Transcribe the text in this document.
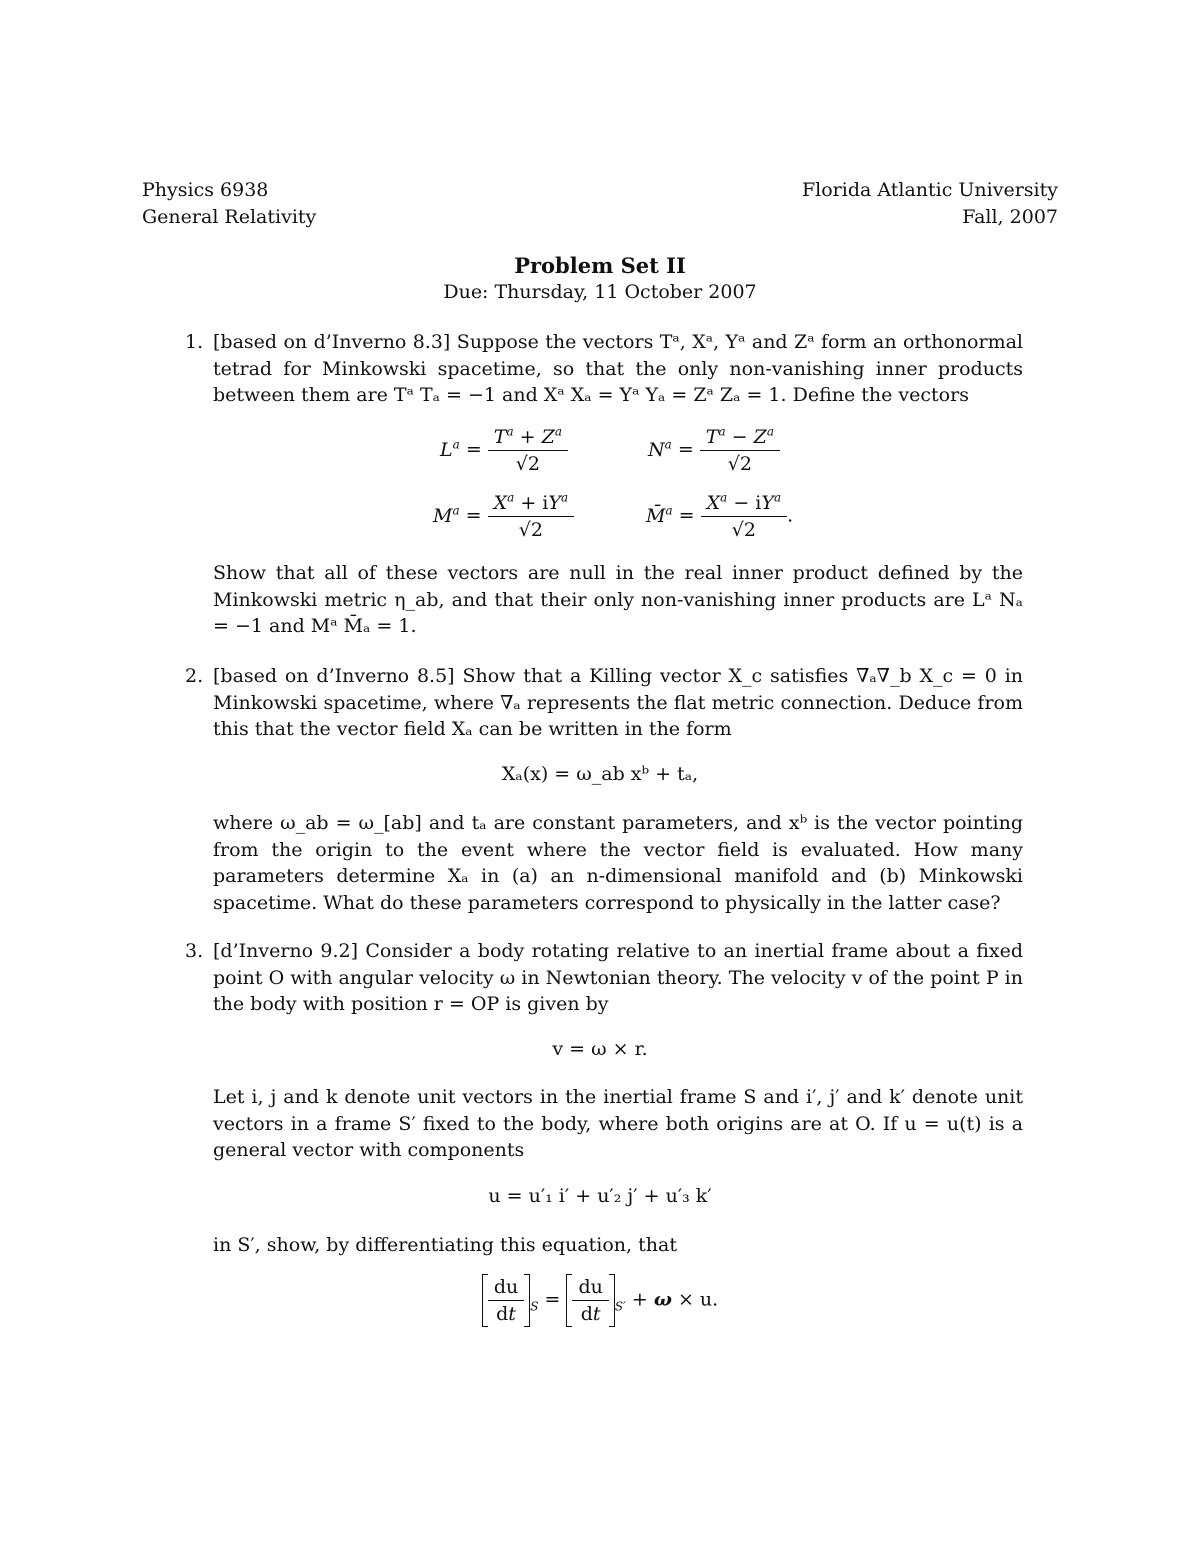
Physics 6938
General Relativity
Florida Atlantic University
Fall, 2007
Problem Set II
Due: Thursday, 11 October 2007
1. [based on d’Inverno 8.3] Suppose the vectors Tᵃ, Xᵃ, Yᵃ and Zᵃ form an orthonormal tetrad for Minkowski spacetime, so that the only non-vanishing inner products between them are Tᵃ Tₐ = −1 and Xᵃ Xₐ = Yᵃ Yₐ = Zᵃ Zₐ = 1. Define the vectors
$L^a = \frac{T^a + Z^a}{√2}$	$N^a = \frac{T^a - Z^a}{√2}$
$M^a = \frac{X^a + iY^a}{√2}$	M̄$^a$ = $\frac{X^a - iY^a}{√2}$ .
Show that all of these vectors are null in the real inner product defined by the Minkowski metric η_ab, and that their only non-vanishing inner products are Lᵃ Nₐ = −1 and Mᵃ M̄ₐ = 1.
2. [based on d’Inverno 8.5] Show that a Killing vector X_c satisfies ∇ₐ∇_b X_c = 0 in Minkowski spacetime, where ∇ₐ represents the flat metric connection. Deduce from this that the vector field Xₐ can be written in the form
Xₐ(x) = ω_ab xᵇ + tₐ,
where ω_ab = ω_[ab] and tₐ are constant parameters, and xᵇ is the vector pointing from the origin to the event where the vector field is evaluated. How many parameters determine Xₐ in (a) an n-dimensional manifold and (b) Minkowski spacetime. What do these parameters correspond to physically in the latter case?
3. [d’Inverno 9.2] Consider a body rotating relative to an inertial frame about a fixed point O with angular velocity ω in Newtonian theory. The velocity v of the point P in the body with position r = OP is given by
v = ω × r.
Let i, j and k denote unit vectors in the inertial frame S and i′, j′ and k′ denote unit vectors in a frame S′ fixed to the body, where both origins are at O. If u = u(t) is a general vector with components
u = u′₁ i′ + u′₂ j′ + u′₃ k′
in S′, show, by differentiating this equation, that
$\frac{du}{dt} _S = \frac{du}{dt} _{S'} + \omega \times u$.
